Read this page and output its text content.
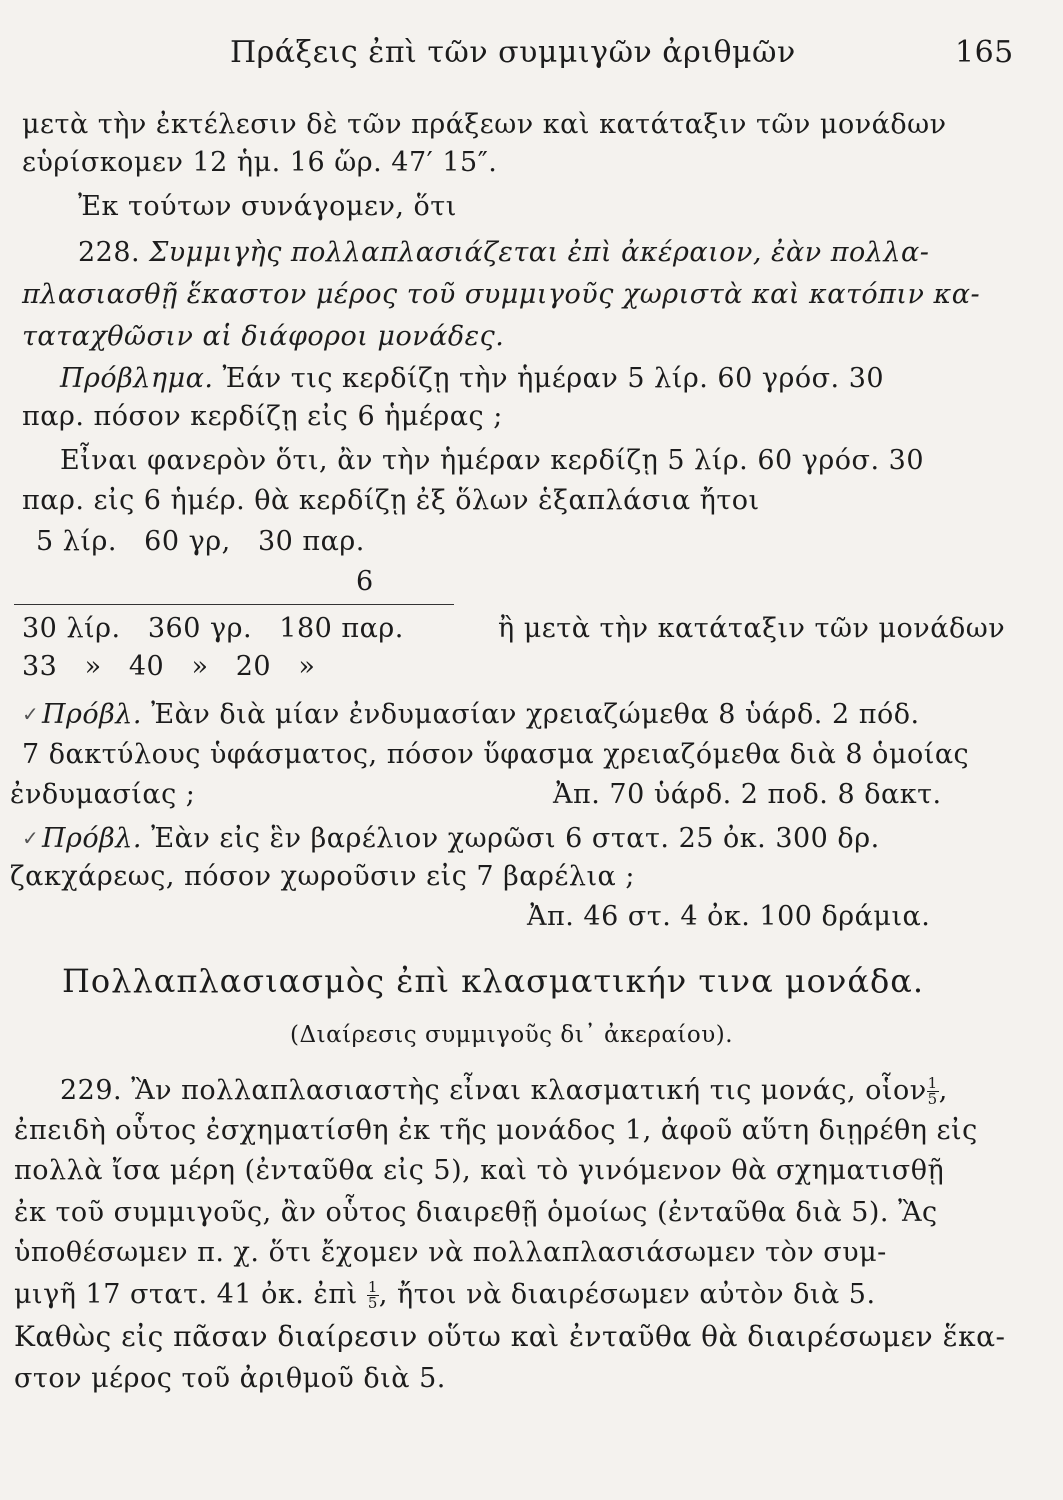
Πράξεις ἐπὶ τῶν συμμιγῶν ἀριθμῶν	165
μετὰ τὴν ἐκτέλεσιν δὲ τῶν πράξεων καὶ κατάταξιν τῶν μονάδων
εὑρίσκομεν 12 ἡμ. 16 ὥρ. 47′ 15″.
Ἐκ τούτων συνάγομεν, ὅτι
228. Συμμιγὴς πολλαπλασιάζεται ἐπὶ ἀκέραιον, ἐὰν πολλα-
πλασιασθῇ ἕκαστον μέρος τοῦ συμμιγοῦς χωριστὰ καὶ κατόπιν κα-
ταταχθῶσιν αἱ διάφοροι μονάδες.
Πρόβλημα. Ἐάν τις κερδίζῃ τὴν ἡμέραν 5 λίρ. 60 γρόσ. 30
παρ. πόσον κερδίζῃ εἰς 6 ἡμέρας ;
Εἶναι φανερὸν ὅτι, ἂν τὴν ἡμέραν κερδίζῃ 5 λίρ. 60 γρόσ. 30
παρ. εἰς 6 ἡμέρ. θὰ κερδίζῃ ἐξ ὅλων ἑξαπλάσια ἤτοι
5 λίρ.   60 γρ,   30 παρ.
6
30 λίρ.   360 γρ.   180 παρ.	ἢ μετὰ τὴν κατάταξιν τῶν μονάδων
33   »   40   »   20   »
✓ Πρόβλ. Ἐὰν διὰ μίαν ἐνδυμασίαν χρειαζώμεθα 8 ὑάρδ. 2 πόδ.
7 δακτύλους ὑφάσματος, πόσον ὕφασμα χρειαζόμεθα διὰ 8 ὁμοίας
ἐνδυμασίας ;	Ἀπ. 70 ὑάρδ. 2 ποδ. 8 δακτ.
✓ Πρόβλ. Ἐὰν εἰς ἓν βαρέλιον χωρῶσι 6 στατ. 25 ὀκ. 300 δρ.
ζακχάρεως, πόσον χωροῦσιν εἰς 7 βαρέλια ;
Ἀπ. 46 στ. 4 ὀκ. 100 δράμια.
Πολλαπλασιασμὸς ἐπὶ κλασματικήν τινα μονάδα.
(Διαίρεσις συμμιγοῦς δι᾽ ἀκεραίου).
229. Ἂν πολλαπλασιαστὴς εἶναι κλασματική τις μονάς, οἷον $\frac{1}{5}$ ,
ἐπειδὴ οὗτος ἐσχηματίσθη ἐκ τῆς μονάδος 1, ἀφοῦ αὕτη διῃρέθη εἰς
πολλὰ ἴσα μέρη (ἐνταῦθα εἰς 5), καὶ τὸ γινόμενον θὰ σχηματισθῇ
ἐκ τοῦ συμμιγοῦς, ἂν οὗτος διαιρεθῇ ὁμοίως (ἐνταῦθα διὰ 5). Ἂς
ὑποθέσωμεν π. χ. ὅτι ἔχομεν νὰ πολλαπλασιάσωμεν τὸν συμ-
μιγῆ 17 στατ. 41 ὀκ. ἐπὶ $\frac{1}{5}$ , ἤτοι νὰ διαιρέσωμεν αὐτὸν διὰ 5.
Καθὼς εἰς πᾶσαν διαίρεσιν οὕτω καὶ ἐνταῦθα θὰ διαιρέσωμεν ἕκα-
στον μέρος τοῦ ἀριθμοῦ διὰ 5.
